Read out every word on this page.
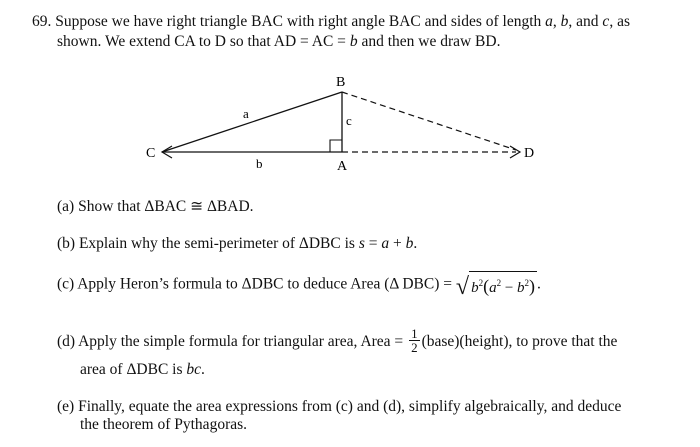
69. Suppose we have right triangle BAC with right angle BAC and sides of length a, b, and c, as
shown. We extend CA to D so that AD = AC = b and then we draw BD.
B
C
A
D
a
b
c
(a) Show that ΔBAC ≅ ΔBAD.
(b) Explain why the semi-perimeter of ΔDBC is s = a + b.
(c) Apply Heron’s formula to ΔDBC to deduce Area (Δ DBC) = √ $b^2(a^2 - b^2)$ .
(d) Apply the simple formula for triangular area, Area = $\frac{1}{2}$ (base)(height), to prove that the
area of ΔDBC is bc.
(e) Finally, equate the area expressions from (c) and (d), simplify algebraically, and deduce
the theorem of Pythagoras.
